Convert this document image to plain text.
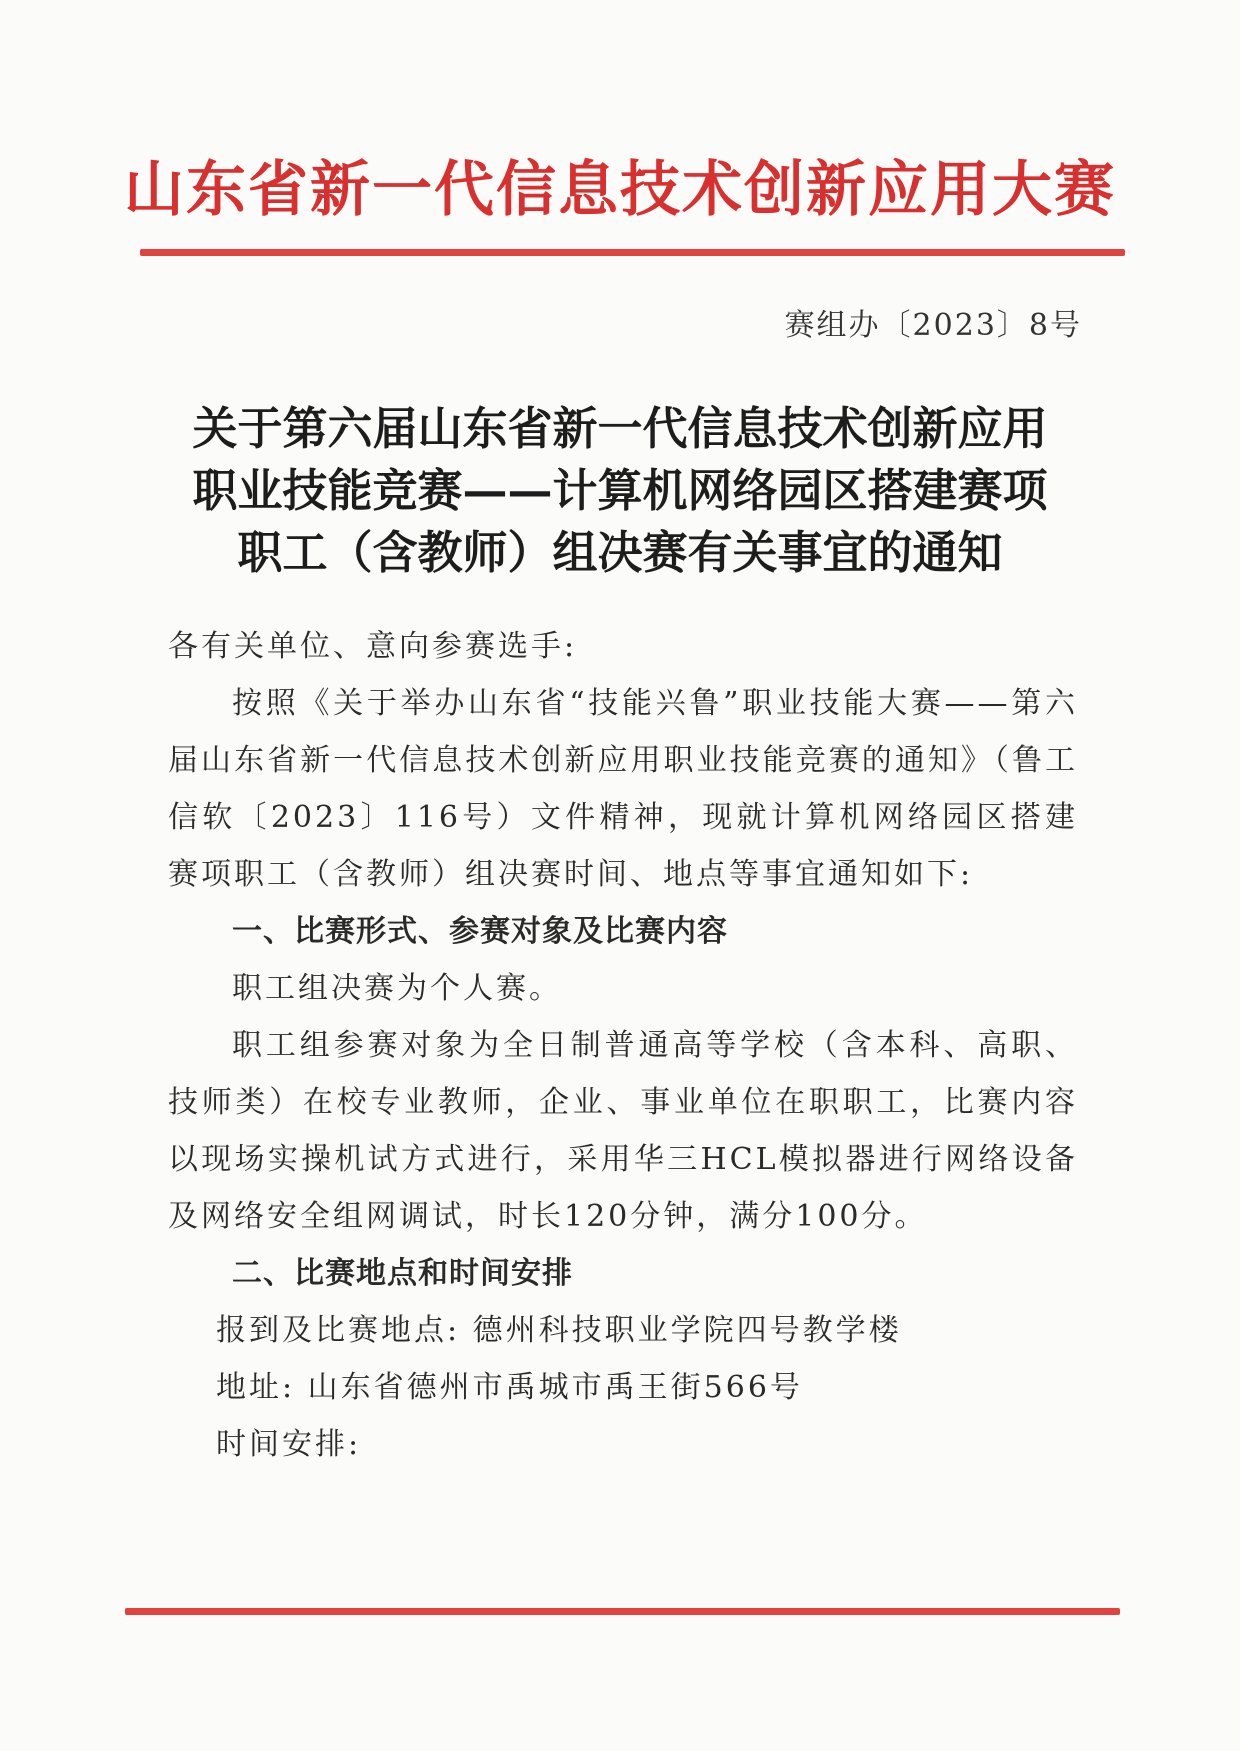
山东省新一代信息技术创新应用大赛
赛组办〔2023〕8号
关于第六届山东省新一代信息技术创新应用
职业技能竞赛——计算机网络园区搭建赛项
职工（含教师）组决赛有关事宜的通知

各有关单位、意向参赛选手:

按照《关于举办山东省“技能兴鲁”职业技能大赛——第六届山东省新一代信息技术创新应用职业技能竞赛的通知》（鲁工信软〔2023〕116号）文件精神，现就计算机网络园区搭建赛项职工（含教师）组决赛时间、地点等事宜通知如下:

一、比赛形式、参赛对象及比赛内容

职工组决赛为个人赛。

职工组参赛对象为全日制普通高等学校（含本科、高职、技师类）在校专业教师，企业、事业单位在职职工，比赛内容以现场实操机试方式进行，采用华三HCL模拟器进行网络设备及网络安全组网调试，时长120分钟，满分100分。

二、比赛地点和时间安排

报到及比赛地点: 德州科技职业学院四号教学楼

地址: 山东省德州市禹城市禹王街566号

时间安排:
